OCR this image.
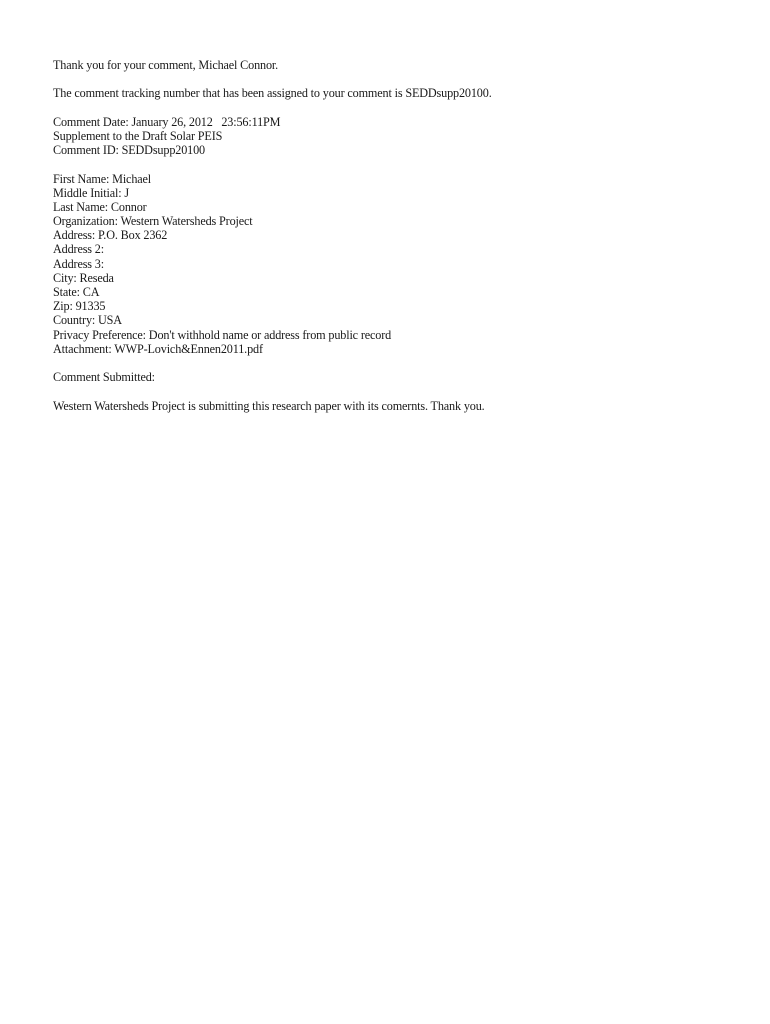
Thank you for your comment, Michael Connor.
The comment tracking number that has been assigned to your comment is SEDDsupp20100.
Comment Date: January 26, 2012   23:56:11PM
Supplement to the Draft Solar PEIS
Comment ID: SEDDsupp20100
First Name: Michael
Middle Initial: J
Last Name: Connor
Organization: Western Watersheds Project
Address: P.O. Box 2362
Address 2:
Address 3:
City: Reseda
State: CA
Zip: 91335
Country: USA
Privacy Preference: Don't withhold name or address from public record
Attachment: WWP-Lovich&Ennen2011.pdf
Comment Submitted:
Western Watersheds Project is submitting this research paper with its comernts. Thank you.
